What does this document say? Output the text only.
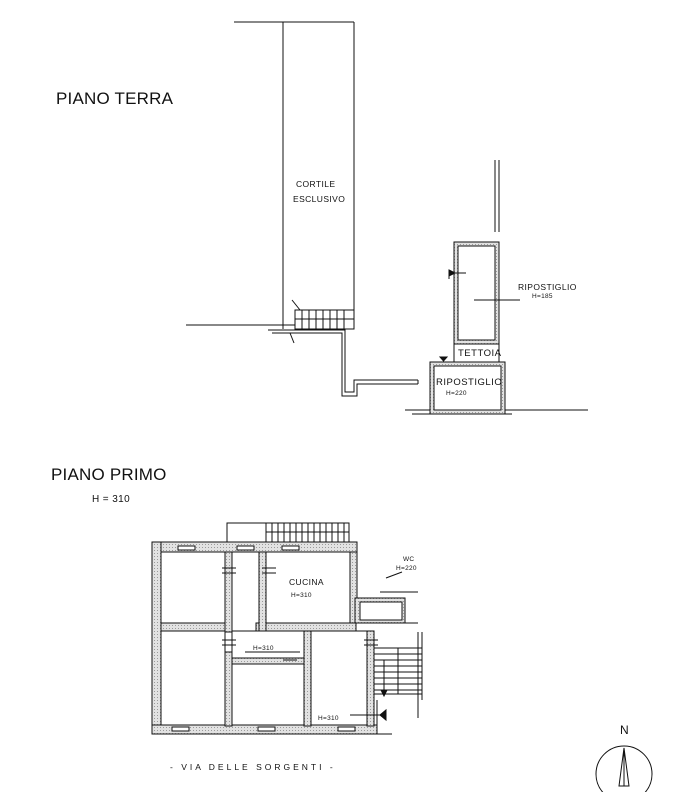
PIANO TERRA
CORTILE
ESCLUSIVO
RIPOSTIGLIO
H=185
TETTOIA
RIPOSTIGLIO
H=220
PIANO PRIMO
H = 310
CUCINA
H=310
WC
H=220
H=310
H=310
- VIA DELLE SORGENTI -
N
